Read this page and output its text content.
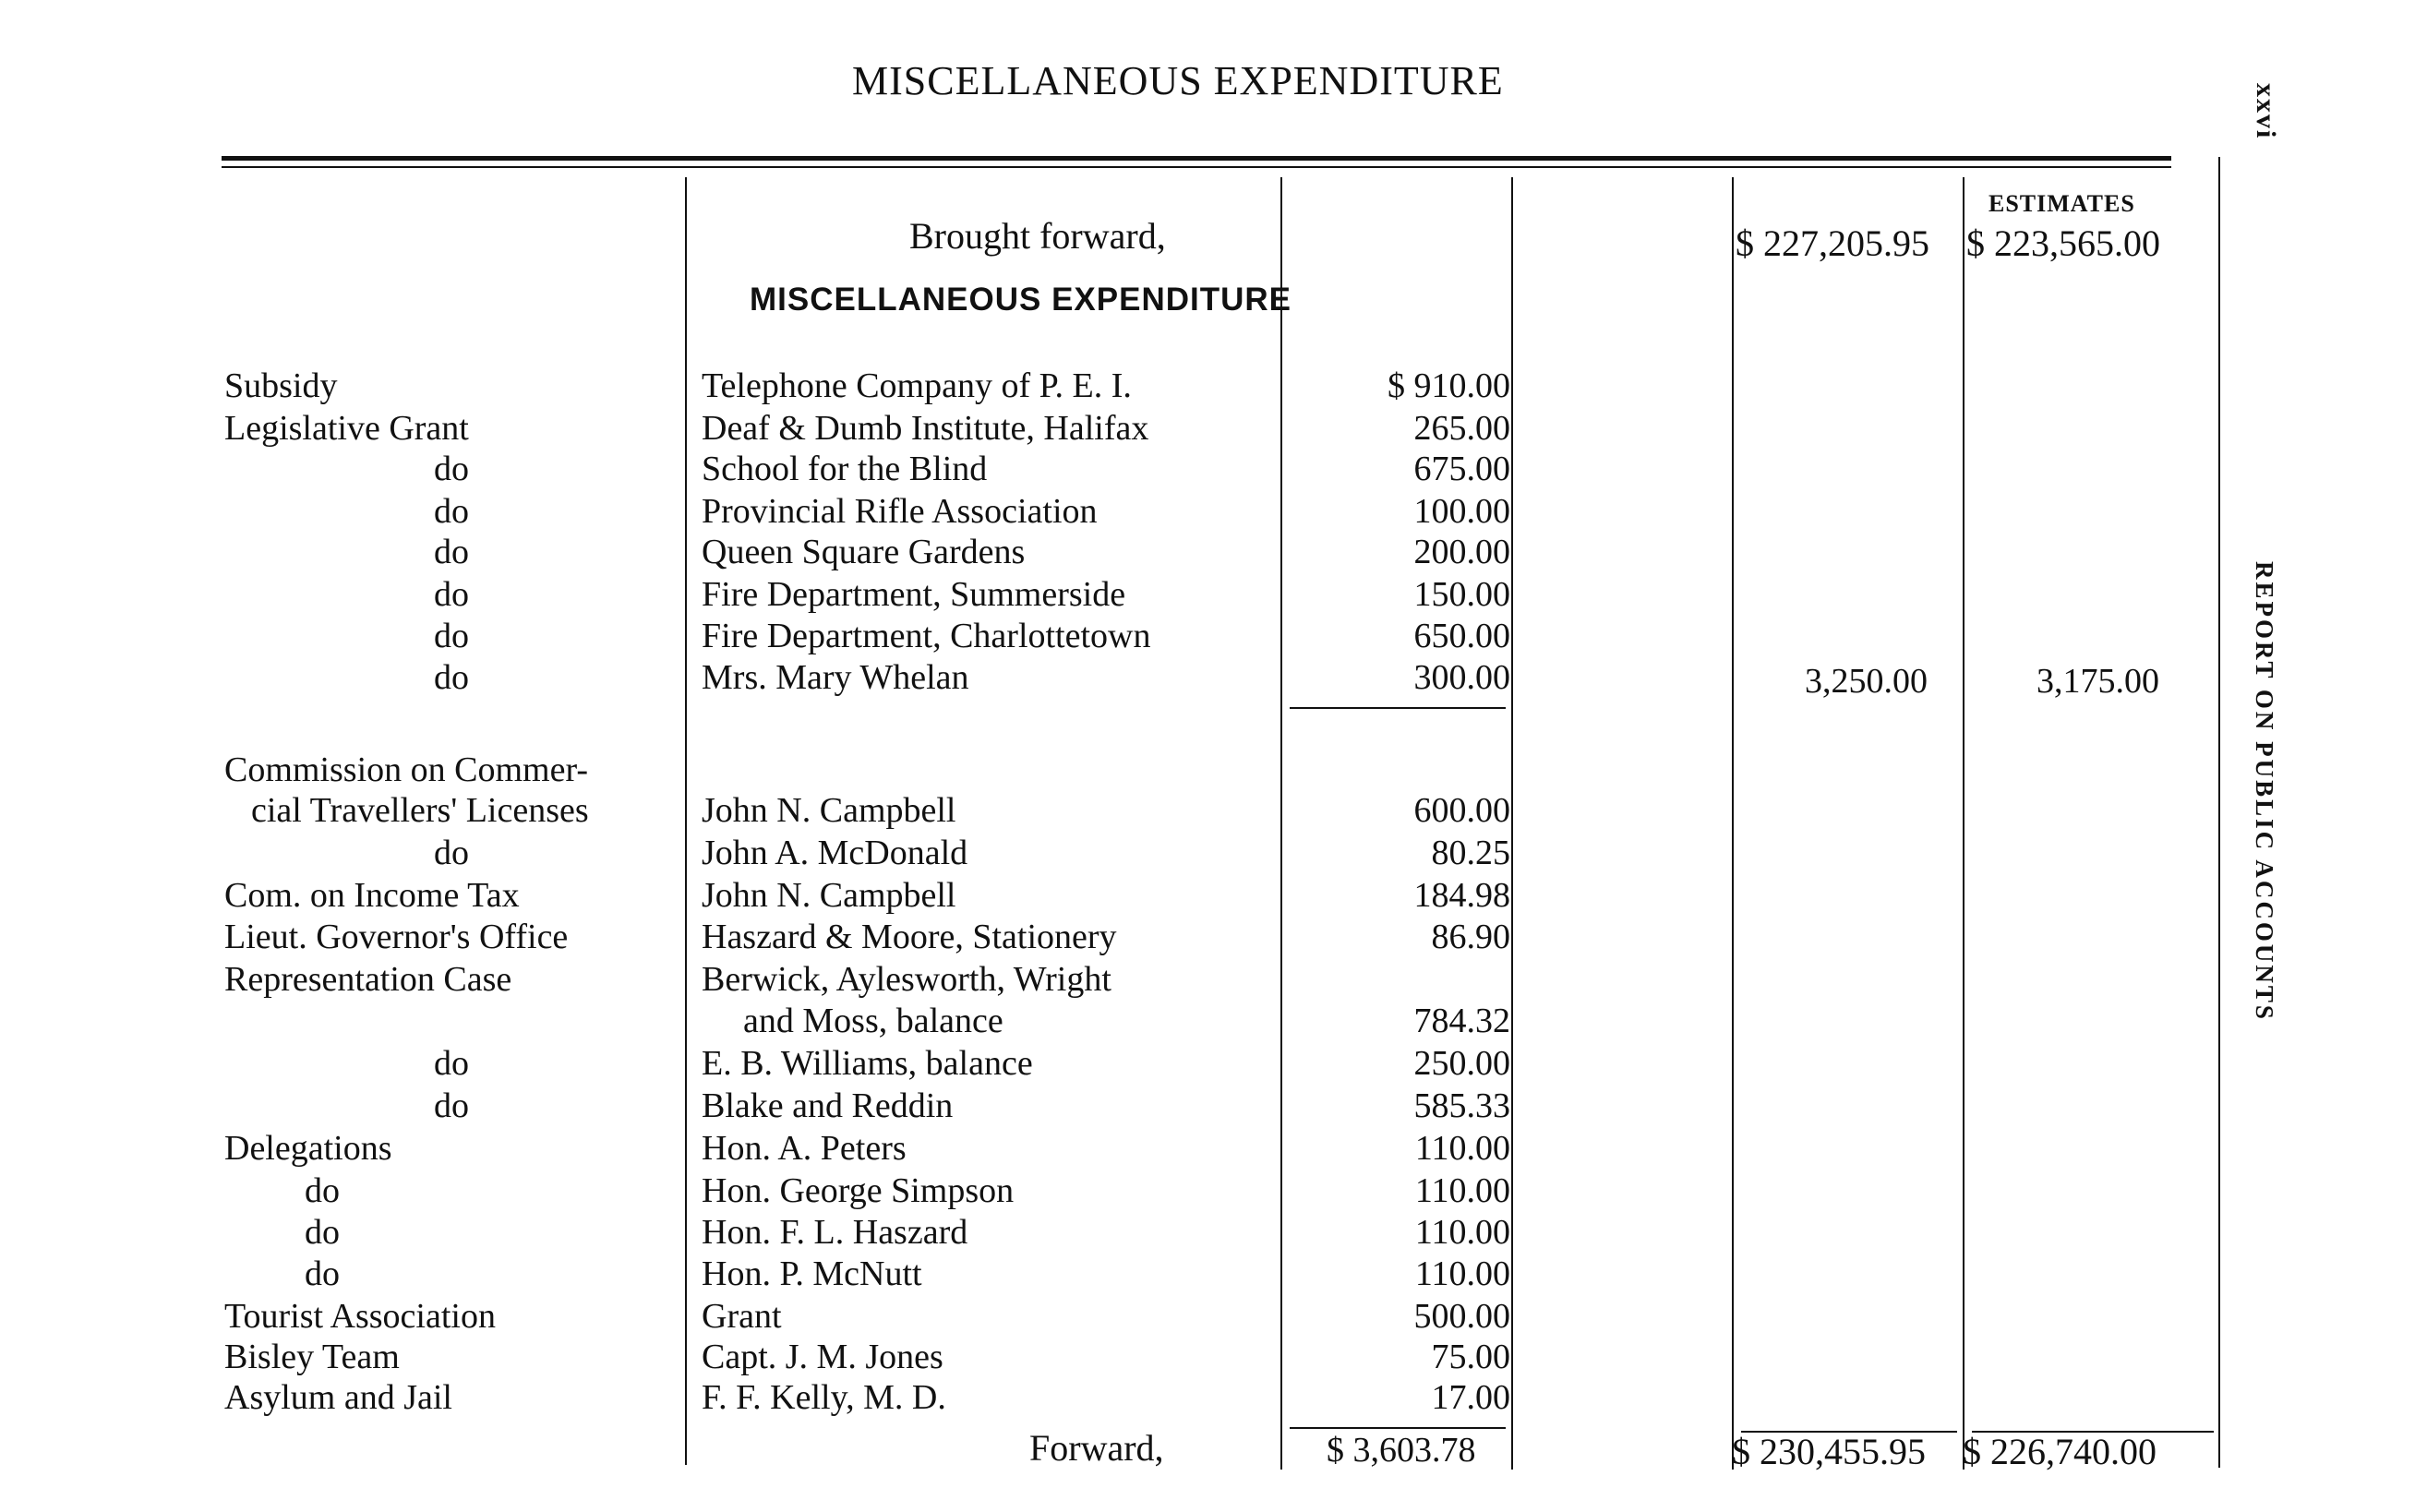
MISCELLANEOUS EXPENDITURE
xxvi
REPORT ON PUBLIC ACCOUNTS
ESTIMATES
Brought forward,	$ 227,205.95 $ 223,565.00
MISCELLANEOUS EXPENDITURE
Subsidy	Telephone Company of P. E. I.	$ 910.00
Legislative Grant	Deaf & Dumb Institute, Halifax	265.00
do	School for the Blind	675.00
do	Provincial Rifle Association	100.00
do	Queen Square Gardens	200.00
do	Fire Department, Summerside	150.00
do	Fire Department, Charlottetown	650.00
do	Mrs. Mary Whelan	300.00	3,250.00	3,175.00
Commission on Commer-
cial Travellers' Licenses	John N. Campbell	600.00
do	John A. McDonald	80.25
Com. on Income Tax	John N. Campbell	184.98
Lieut. Governor's Office	Haszard & Moore, Stationery	86.90
Representation Case	Berwick, Aylesworth, Wright
and Moss, balance	784.32
do	E. B. Williams, balance	250.00
do	Blake and Reddin	585.33
Delegations	Hon. A. Peters	110.00
do	Hon. George Simpson	110.00
do	Hon. F. L. Haszard	110.00
do	Hon. P. McNutt	110.00
Tourist Association	Grant	500.00
Bisley Team	Capt. J. M. Jones	75.00
Asylum and Jail	F. F. Kelly, M. D.	17.00
Forward,	$ 3,603.78	$ 230,455.95 $ 226,740.00
